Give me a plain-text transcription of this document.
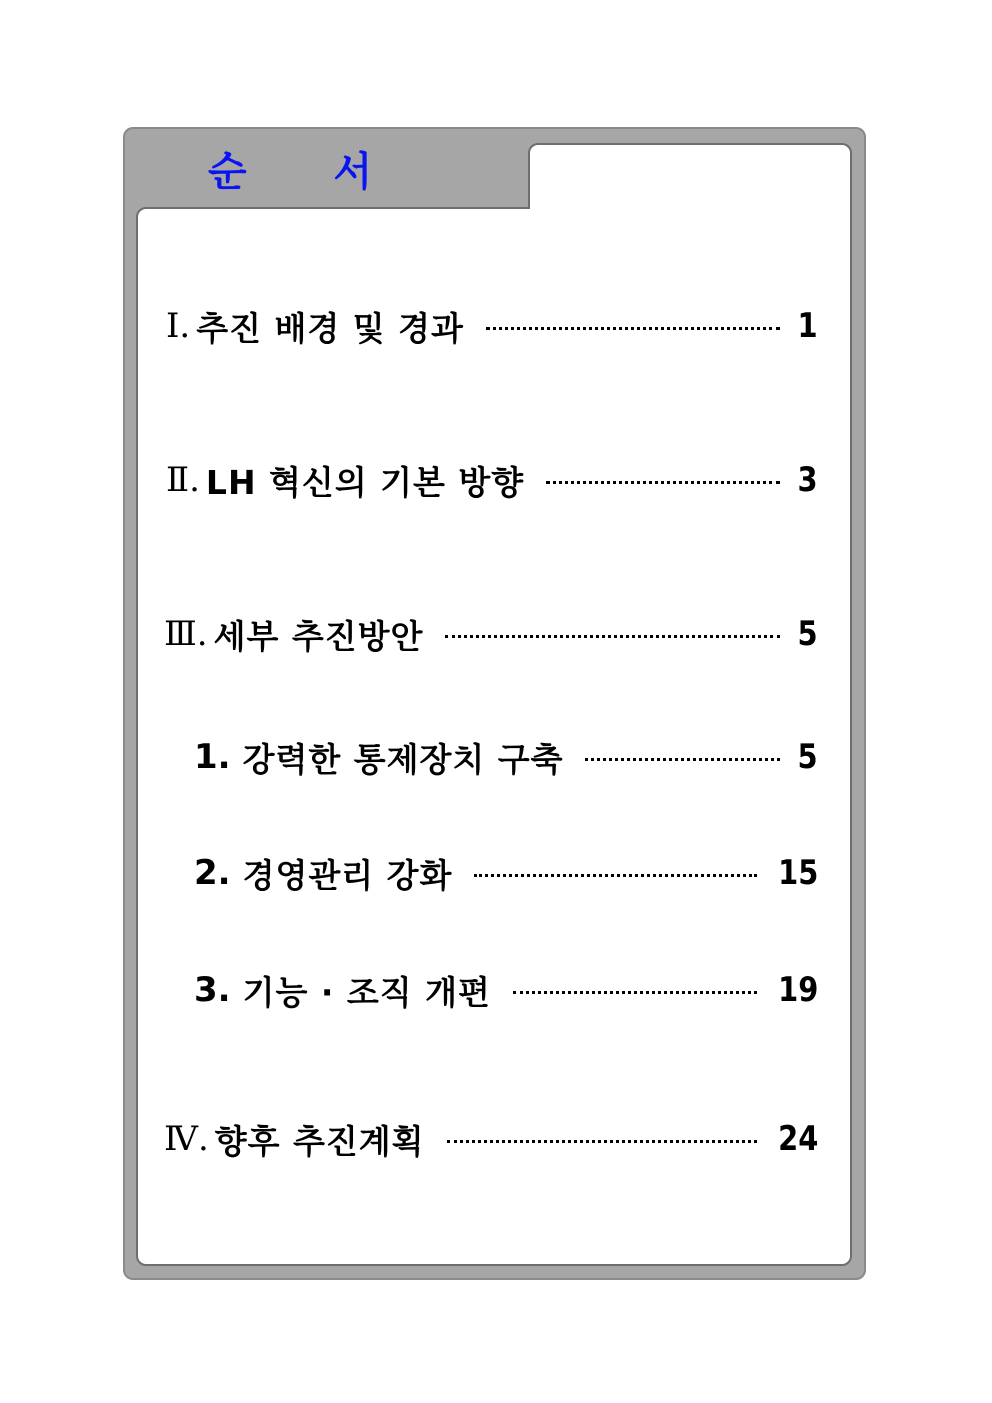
순 서
Ⅰ. 추진 배경 및 경과	1
Ⅱ. LH 혁신의 기본 방향	3
Ⅲ. 세부 추진방안	5
1. 강력한 통제장치 구축	5
2. 경영관리 강화	15
3. 기능 · 조직 개편	19
Ⅳ. 향후 추진계획	24
